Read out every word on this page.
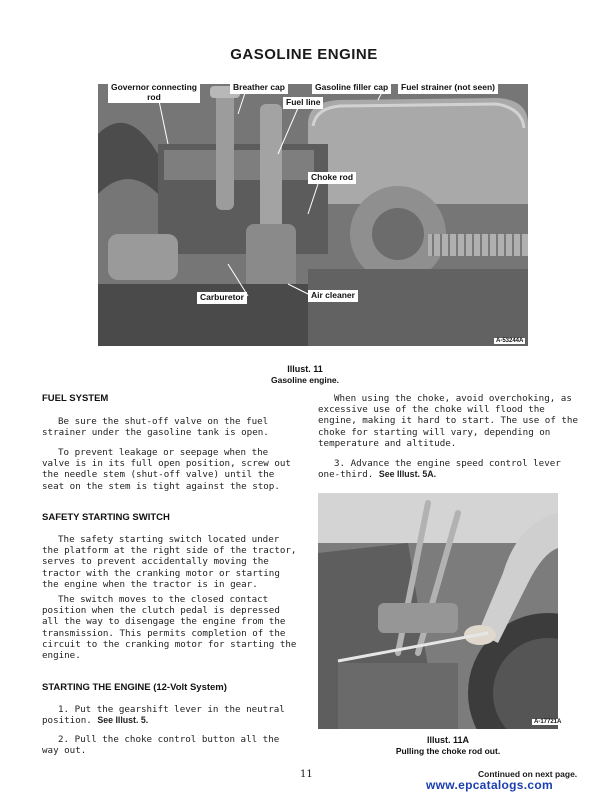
GASOLINE ENGINE
Governor connecting
rod
Breather cap	Gasoline filler cap	Fuel strainer (not seen)
Fuel line
Choke rod
Carburetor	Air cleaner
A-53244A
Illust. 11
Gasoline engine.
FUEL SYSTEM

Be sure the shut-off valve on the fuel strainer under the gasoline tank is open.

To prevent leakage or seepage when the valve is in its full open position, screw out the needle stem (shut-off valve) until the seat on the stem is tight against the stop.

SAFETY STARTING SWITCH

The safety starting switch located under the platform at the right side of the tractor, serves to prevent accidentally moving the tractor with the cranking motor or starting the engine when the tractor is in gear.

The switch moves to the closed contact position when the clutch pedal is depressed all the way to disengage the engine from the transmission. This permits completion of the circuit to the cranking motor for starting the engine.

STARTING THE ENGINE (12-Volt System)

1. Put the gearshift lever in the neutral position. See Illust. 5.

2. Pull the choke control button all the way out.

When using the choke, avoid overchoking, as excessive use of the choke will flood the engine, making it hard to start. The use of the choke for starting will vary, depending on temperature and altitude.

3. Advance the engine speed control lever one-third. See Illust. 5A.

A-17721A
Illust. 11A
Pulling the choke rod out.
11	Continued on next page.
www.epcatalogs.com
